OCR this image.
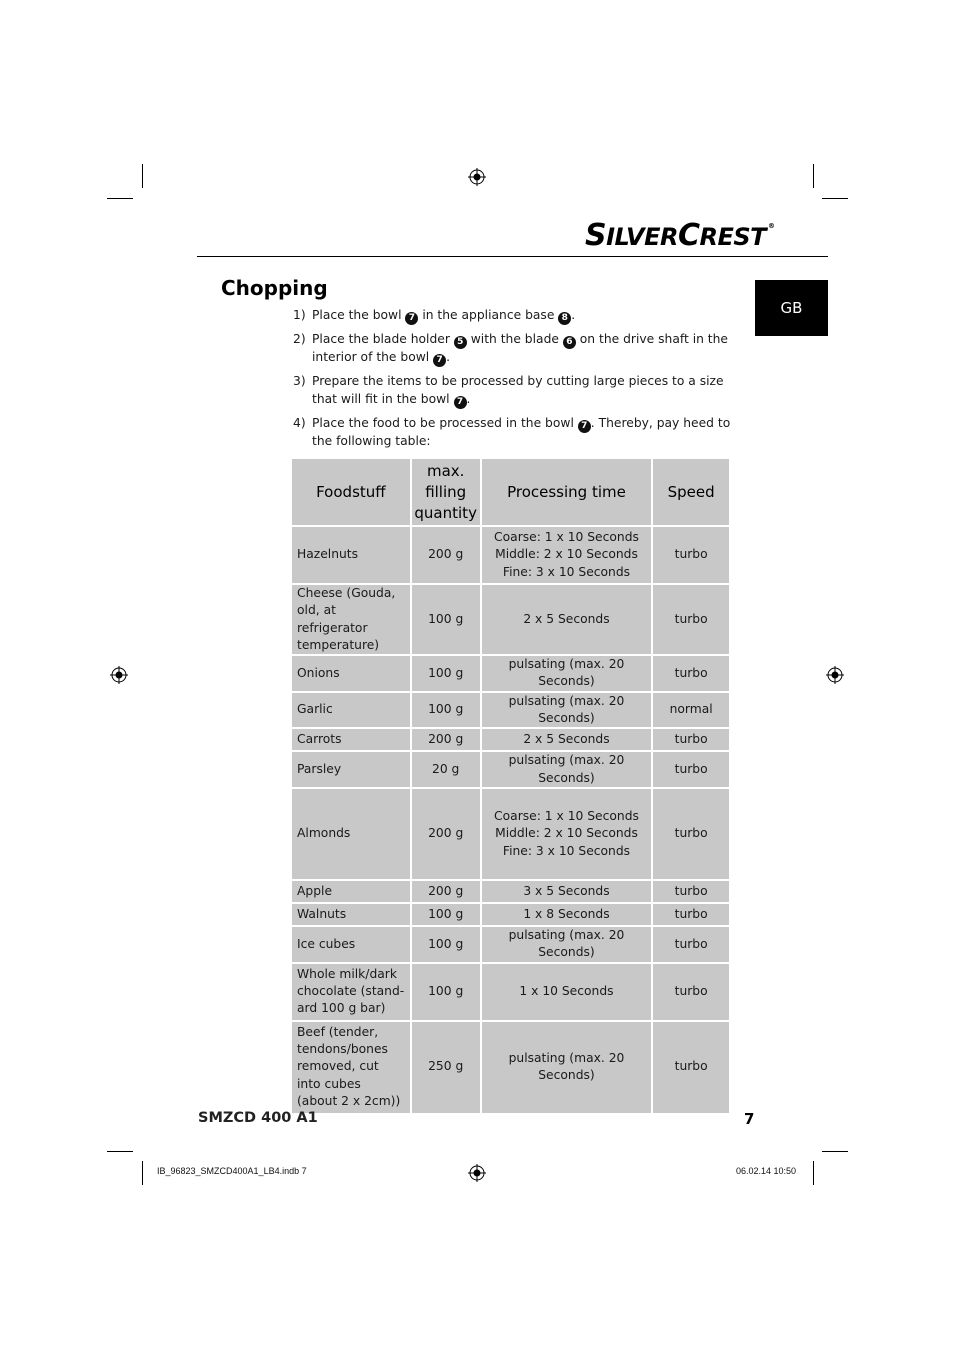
SILVERCREST ®
GB
Chopping
1) Place the bowl 7 in the appliance base 8 .
2) Place the blade holder 5 with the blade 6 on the drive shaft in the interior of the bowl 7 .
3) Prepare the items to be processed by cutting large pieces to a size that will fit in the bowl 7 .
4) Place the food to be processed in the bowl 7 . Thereby, pay heed to the following table:
Foodstuff	max. filling quantity	Processing time	Speed
Hazelnuts	200 g	Coarse: 1 x 10 Seconds
Middle: 2 x 10 Seconds
Fine: 3 x 10 Seconds	turbo
Cheese (Gouda, old, at refrigerator temperature)	100 g	2 x 5 Seconds	turbo
Onions	100 g	pulsating (max. 20 Seconds)	turbo
Garlic	100 g	pulsating (max. 20 Seconds)	normal
Carrots	200 g	2 x 5 Seconds	turbo
Parsley	20 g	pulsating (max. 20 Seconds)	turbo
Almonds	200 g	Coarse: 1 x 10 Seconds
Middle: 2 x 10 Seconds
Fine: 3 x 10 Seconds	turbo
Apple	200 g	3 x 5 Seconds	turbo
Walnuts	100 g	1 x 8 Seconds	turbo
Ice cubes	100 g	pulsating (max. 20 Seconds)	turbo
Whole milk/dark chocolate (stand-ard 100 g bar)	100 g	1 x 10 Seconds	turbo
Beef (tender, tendons/bones removed, cut into cubes (about 2 x 2cm))	250 g	pulsating (max. 20 Seconds)	turbo
SMZCD 400 A1	7
IB_96823_SMZCD400A1_LB4.indb 7	06.02.14 10:50
